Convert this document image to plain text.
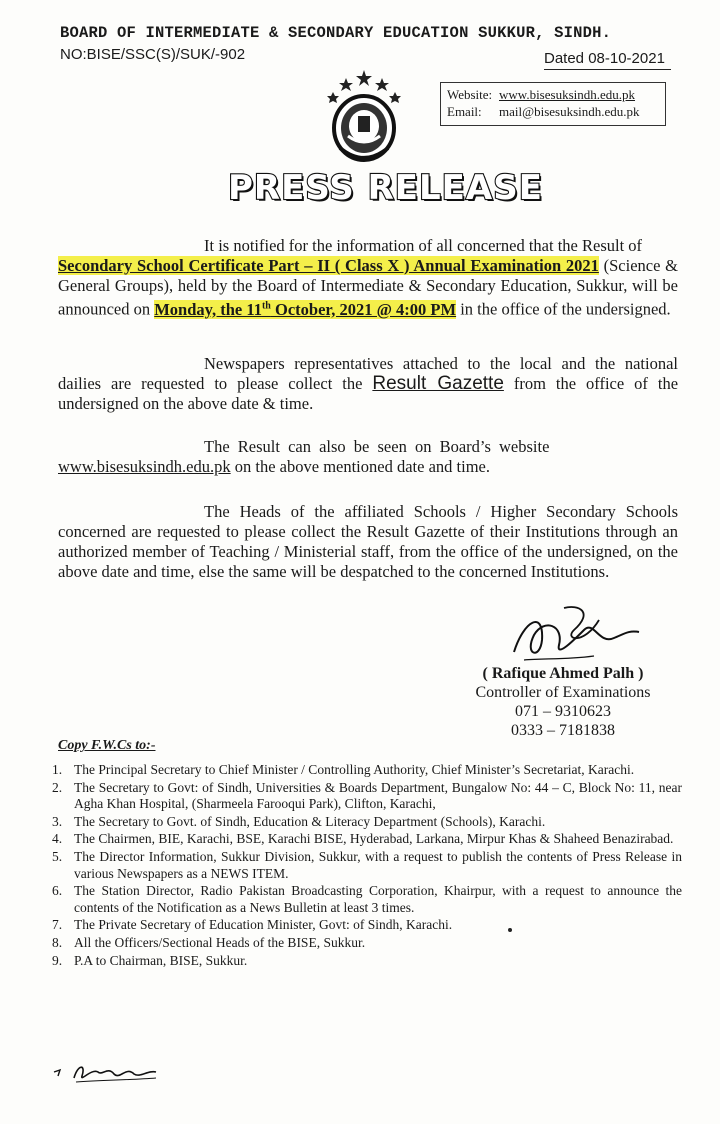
BOARD OF INTERMEDIATE & SECONDARY EDUCATION SUKKUR, SINDH.
NO:BISE/SSC(S)/SUK/-902	Dated 08-10-2021
Website: www.bisesuksindh.edu.pk
Email: mail@bisesuksindh.edu.pk
PRESS RELEASE
It is notified for the information of all concerned that the Result of
Secondary School Certificate Part – II ( Class X ) Annual Examination 2021 (Science & General Groups), held by the Board of Intermediate & Secondary Education, Sukkur, will be announced on Monday, the 11th October, 2021 @ 4:00 PM in the office of the undersigned.
Newspapers representatives attached to the local and the national dailies are requested to please collect the Result Gazette from the office of the undersigned on the above date & time.
The Result can also be seen on Board’s website
www.bisesuksindh.edu.pk on the above mentioned date and time.
The Heads of the affiliated Schools / Higher Secondary Schools concerned are requested to please collect the Result Gazette of their Institutions through an authorized member of Teaching / Ministerial staff, from the office of the undersigned, on the above date and time, else the same will be despatched to the concerned Institutions.
( Rafique Ahmed Palh )
Controller of Examinations
071 – 9310623
0333 – 7181838
Copy F.W.Cs to:-
1. The Principal Secretary to Chief Minister / Controlling Authority, Chief Minister’s Secretariat, Karachi.
2. The Secretary to Govt: of Sindh, Universities & Boards Department, Bungalow No: 44 – C, Block No: 11, near Agha Khan Hospital, (Sharmeela Farooqui Park), Clifton, Karachi,
3. The Secretary to Govt. of Sindh, Education & Literacy Department (Schools), Karachi.
4. The Chairmen, BIE, Karachi, BSE, Karachi BISE, Hyderabad, Larkana, Mirpur Khas & Shaheed Benazirabad.
5. The Director Information, Sukkur Division, Sukkur, with a request to publish the contents of Press Release in various Newspapers as a NEWS ITEM.
6. The Station Director, Radio Pakistan Broadcasting Corporation, Khairpur, with a request to announce the contents of the Notification as a News Bulletin at least 3 times.
7. The Private Secretary of Education Minister, Govt: of Sindh, Karachi.
8. All the Officers/Sectional Heads of the BISE, Sukkur.
9. P.A to Chairman, BISE, Sukkur.
